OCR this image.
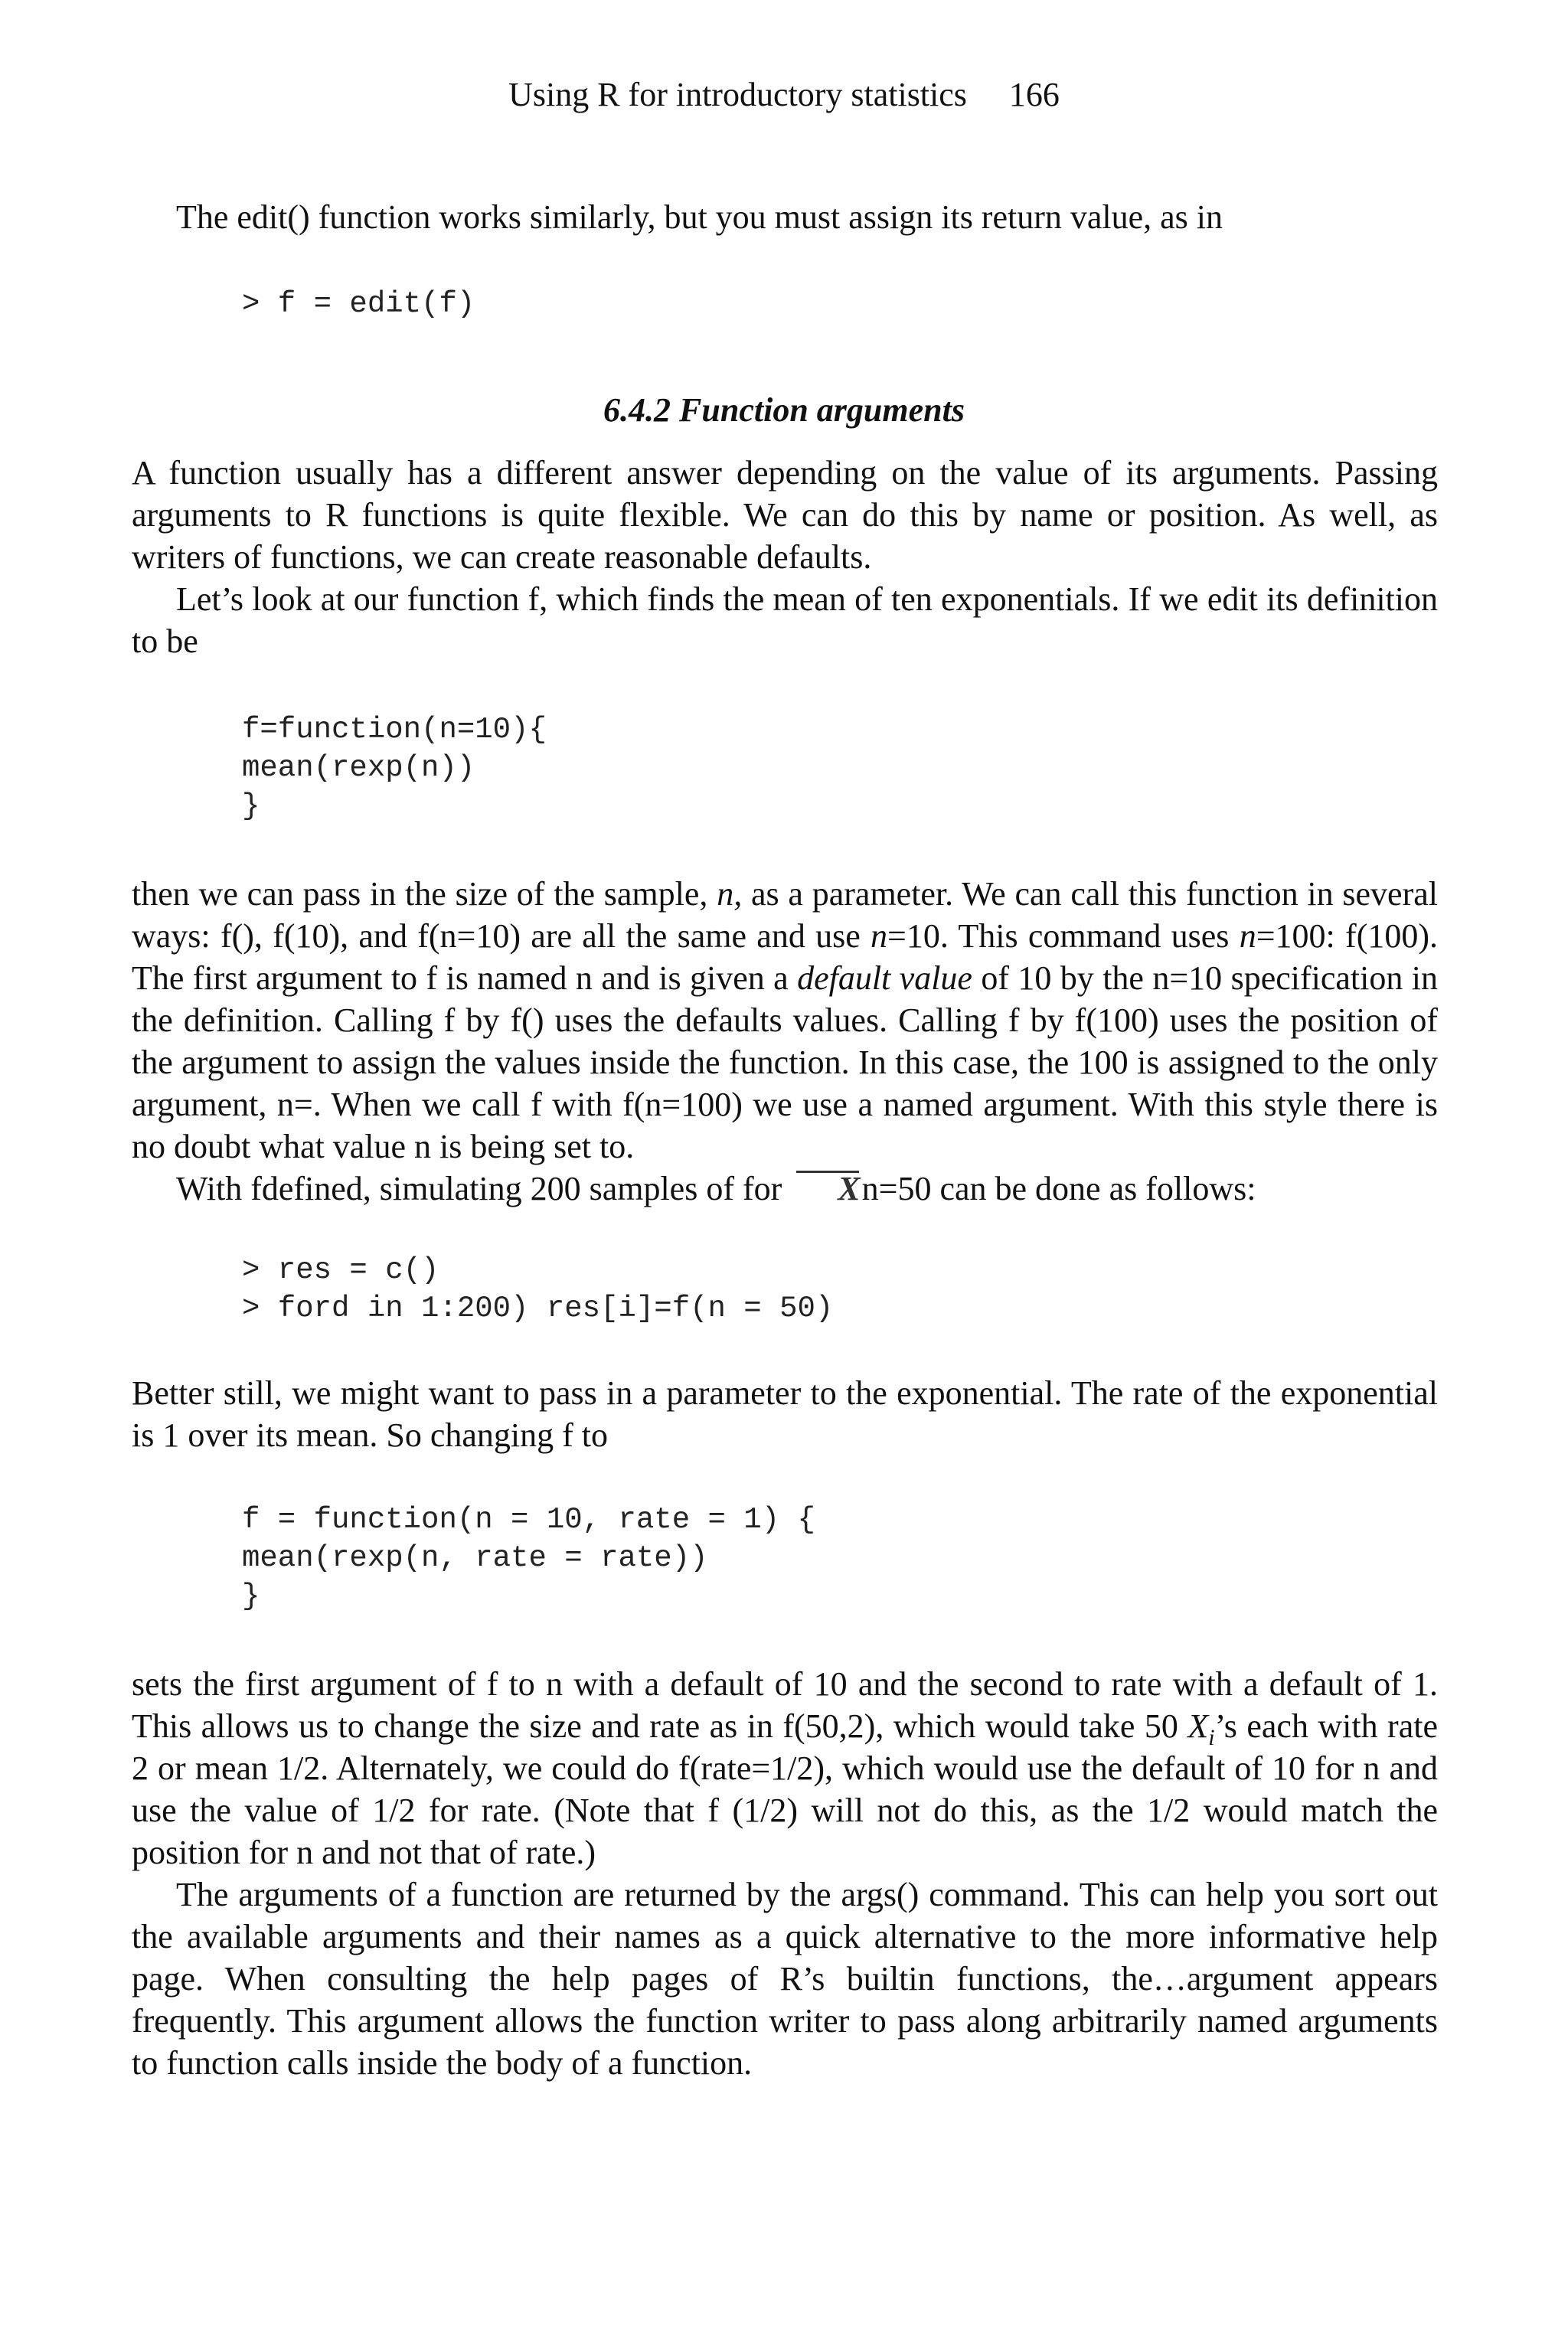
Using R for introductory statistics 166

The edit() function works similarly, but you must assign its return value, as in

> f = edit(f)
6.4.2 Function arguments

A function usually has a different answer depending on the value of its arguments. Passing arguments to R functions is quite flexible. We can do this by name or position. As well, as writers of functions, we can create reasonable defaults.

Let’s look at our function f, which finds the mean of ten exponentials. If we edit its definition to be

f=function(n=10){
mean(rexp(n))
}

then we can pass in the size of the sample, n, as a parameter. We can call this function in several ways: f(), f(10), and f(n=10) are all the same and use n=10. This command uses n=100: f(100). The first argument to f is named n and is given a default value of 10 by the n=10 specification in the definition. Calling f by f() uses the defaults values. Calling f by f(100) uses the position of the argument to assign the values inside the function. In this case, the 100 is assigned to the only argument, n=. When we call f with f(n=100) we use a named argument. With this style there is no doubt what value n is being set to.

With fdefined, simulating 200 samples of for Xn=50 can be done as follows:

> res = c()
> ford in 1:200) res[i]=f(n = 50)

Better still, we might want to pass in a parameter to the exponential. The rate of the exponential is 1 over its mean. So changing f to

f = function(n = 10, rate = 1) {
mean(rexp(n, rate = rate))
}

sets the first argument of f to n with a default of 10 and the second to rate with a default of 1. This allows us to change the size and rate as in f(50,2), which would take 50 $X_i’s$ each with rate 2 or mean 1/2. Alternately, we could do f(rate=1/2), which would use the default of 10 for n and use the value of 1/2 for rate. (Note that f (1/2) will not do this, as the 1/2 would match the position for n and not that of rate.)

The arguments of a function are returned by the args() command. This can help you sort out the available arguments and their names as a quick alternative to the more informative help page. When consulting the help pages of R’s builtin functions, the…argument appears frequently. This argument allows the function writer to pass along arbitrarily named arguments to function calls inside the body of a function.
